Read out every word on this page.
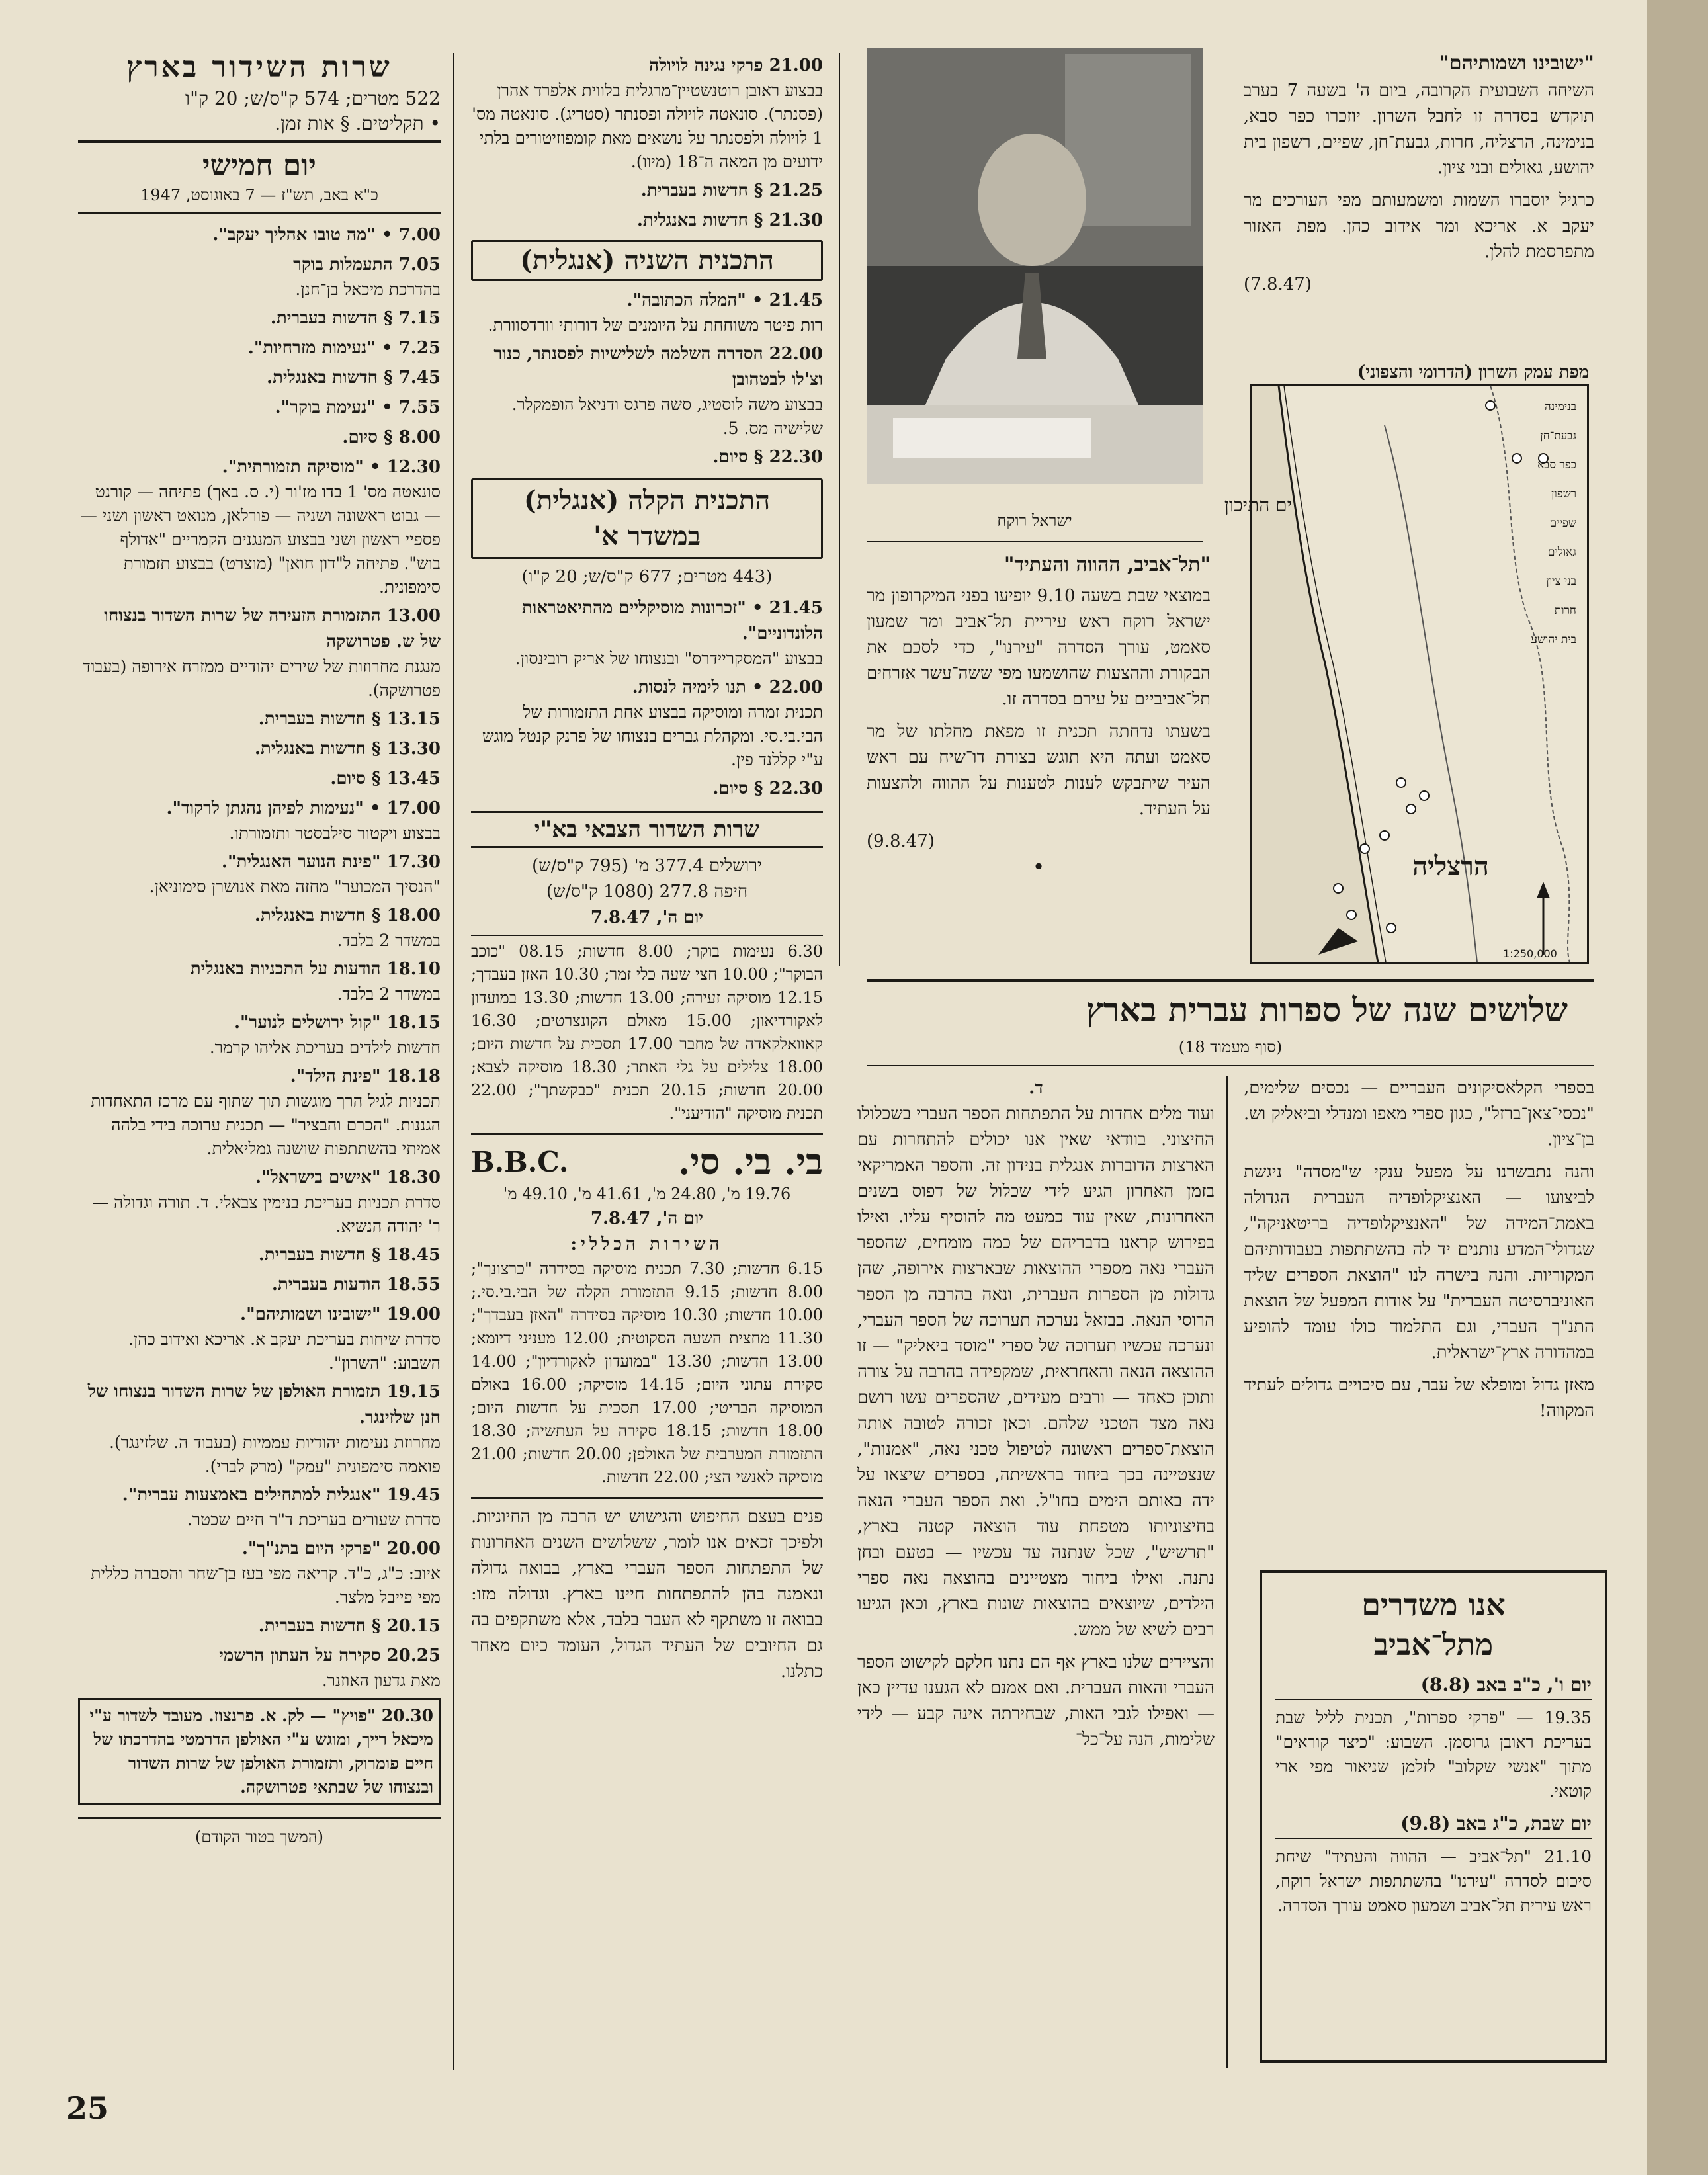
שרות השידור בארץ
522 מטרים; 574 ק"ס/ש; 20 ק"ו
• תקליטים. § אות זמן.
יום חמישי
כ"א באב, תש"ז — 7 באוגוסט, 1947
7.00 • "מה טובו אהליך יעקב".
7.05 התעמלות בוקר
בהדרכת מיכאל בן־חנן.
7.15 § חדשות בעברית.
7.25 • "נעימות מזרחיות".
7.45 § חדשות באנגלית.
7.55 • "נעימת בוקר".
8.00 § סיום.
12.30 • "מוסיקה תזמורתית".
סונאטה מס' 1 בדו מז'ור (י. ס. באך) פתיחה — קורנט — גבוט ראשונה ושניה — פורלאן, מנואט ראשון ושני — פספיי ראשון ושני בבצוע המנגנים הקמריים "אדולף בוש". פתיחה ל"דון חואן" (מוצרט) בבצוע תזמורת סימפונית.
13.00 התזמורת הזעירה של שרות השדור בנצוחו של ש. פטרושקה
מנגנת מחרוזות של שירים יהודיים ממזרח אירופה (בעבוד פטרושקה).
13.15 § חדשות בעברית.
13.30 § חדשות באנגלית.
13.45 § סיום.
17.00 • "נעימות לפיהן נהגתן לרקוד".
בבצוע ויקטור סילבסטר ותזמורתו.
17.30 "פינת הנוער האנגלית".
"הנסיך המכוער" מחזה מאת אנושרן סימוניאן.
18.00 § חדשות באנגלית.
במשדר 2 בלבד.
18.10 הודעות על התכניות באנגלית
במשדר 2 בלבד.
18.15 "קול ירושלים לנוער".
חדשות לילדים בעריכת אליהו קרמר.
18.18 "פינת הילד".
תכניות לגיל הרך מוגשות תוך שתוף עם מרכז התאחדות הגננות. "הכרם והבציר" — תכנית ערוכה בידי בלהה אמיתי בהשתתפות שושנה גמליאלית.
18.30 "אישים בישראל".
סדרת תכניות בעריכת בנימין צבאלי. ד. תורה וגדולה — ר' יהודה הנשיא.
18.45 § חדשות בעברית.
18.55 הודעות בעברית.
19.00 "ישובינו ושמותיהם".
סדרת שיחות בעריכת יעקב א. אריכא ואידוב כהן. השבוע: "השרון".
19.15 תזמורת האולפן של שרות השדור בנצוחו של חנן שלזינגר.
מחרוזת נעימות יהודיות עממיות (בעבוד ה. שלזינגר). פואמה סימפונית "עמק" (מרק לברי).
19.45 "אנגלית למתחילים באמצעות עברית".
סדרת שעורים בעריכת ד"ר חיים שכטר.
20.00 "פרקי היום בתנ"ך".
איוב: כ"ג, כ"ד. קריאה מפי בעז בן־שחר והסברה כללית מפי פייבל מלצר.
20.15 § חדשות בעברית.
20.25 סקירה על העתון הרשמי
מאת גדעון האוזנר.
20.30 "פויץ" — לק. א. פרנצוז. מעובד לשדור ע"י מיכאל רייך, ומוגש ע"י האולפן הדרמטי בהדרכתו של חיים פומרוק, ותזמורת האולפן של שרות השדור ובנצוחו של שבתאי פטרושקה.
(המשך בטור הקודם)
25
21.00 פרקי נגינה לויולה
בבצוע ראובן רוטנשטיין־מרגלית בלווית אלפרד אהרן (פסנתר). סונאטה לויולה ופסנתר (סטריג). סונאטה מס' 1 לויולה ולפסנתר על נושאים מאת קומפוזיטורים בלתי ידועים מן המאה ה־18 (מיוו).
21.25 § חדשות בעברית.
21.30 § חדשות באנגלית.
התכנית השניה (אנגלית)
21.45 • "המלה הכתובה".
רות פיטר משוחחת על היומנים של דורותי וורדסוורת.
22.00 הסדרה השלמה לשלישיות לפסנתר, כנור וצ'לו לבטהובן
בבצוע משה לוסטיג, סשה פרגס ודניאל הופמקלר. שלישיה מס. 5.
22.30 § סיום.
התכנית הקלה (אנגלית)
במשדר א'
(443 מטרים; 677 ק"ס/ש; 20 ק"ו)
21.45 • "זכרונות מוסיקליים מהתיאטראות הלונדוניים".
בבצוע "המסקריידרס" ובנצוחו של אריק רובינסון.
22.00 • תנו לימיה לנסות.
תכנית זמרה ומוסיקה בבצוע אחת התזמורות של הבי.בי.סי. ומקהלת גברים בנצוחו של פרנק קנטל מוגש ע"י קללנד פין.
22.30 § סיום.
שרות השדור הצבאי בא"י
ירושלים 377.4 מ' (795 ק"ס/ש)
חיפה 277.8 (1080 ק"ס/ש)
יום ה', 7.8.47
6.30 נעימות בוקר; 8.00 חדשות; 08.15 "כוכב הבוקר"; 10.00 חצי שעה כלי זמר; 10.30 האזן בעבדך; 12.15 מוסיקה זעירה; 13.00 חדשות; 13.30 במועדון לאקורדיאון; 15.00 מאולם הקונצרטים; 16.30 קאוואלקאדה של מחבר 17.00 תסכית על חדשות היום; 18.00 צלילים על גלי האתר; 18.30 מוסיקה לצבא; 20.00 חדשות; 20.15 תכנית "כבקשתך"; 22.00 תכנית מוסיקה "הודיעני".
בי. בי. סי.
B.B.C.
19.76 מ', 24.80 מ', 41.61 מ', 49.10 מ'
יום ה', 7.8.47
השירות הכללי:
6.15 חדשות; 7.30 תכנית מוסיקה בסידרה "כרצונך"; 8.00 חדשות; 9.15 התזמורת הקלה של הבי.בי.סי.; 10.00 חדשות; 10.30 מוסיקה בסידרה "האזן בעבדך"; 11.30 מחצית השעה הסקוטית; 12.00 מעניני דיומא; 13.00 חדשות; 13.30 "במועדון לאקורדיון"; 14.00 סקירת עתוני היום; 14.15 מוסיקה; 16.00 באולם המוסיקה הבריטי; 17.00 תסכית על חדשות היום; 18.00 חדשות; 18.15 סקירה על העתשיה; 18.30 התזמורת המערבית של האולפן; 20.00 חדשות; 21.00 מוסיקה לאנשי הצי; 22.00 חדשות.
פנים בעצם החיפוש והגישוש יש הרבה מן החיוניות. ולפיכך זכאים אנו לומר, ששלושים השנים האחרונות של התפתחות הספר העברי בארץ, בבואה גדולה ונאמנה בהן להתפתחות חיינו בארץ. וגדולה מזו: בבואה זו משתקף לא העבר בלבד, אלא משתקפים בה גם החיובים של העתיד הגדול, העומד כיום מאחר כתלנו.
ישראל רוקח
"תל־אביב, ההווה והעתיד"

במוצאי שבת בשעה 9.10 יופיעו בפני המיקרופון מר ישראל רוקח ראש עיריית תל־אביב ומר שמעון סאמט, עורך הסדרה "עירנו", כדי לסכם את הבקורת וההצעות שהושמעו מפי ששה־עשר אזרחים תל־אביביים על עירם בסדרה זו.

בשעתו נדחתה תכנית זו מפאת מחלתו של מר סאמט ועתה היא תוגש בצורת דו־שיח עם ראש העיר שיתבקש לענות לטענות על ההווה ולהצעות על העתיד.

(9.8.47)
•
"ישובינו ושמותיהם"

השיחה השבועית הקרובה, ביום ה' בשעה 7 בערב תוקדש בסדרה זו לחבל השרון. יוזכרו כפר סבא, בנימינה, הרצליה, חרות, גבעת־חן, שפיים, רשפון בית יהושע, גאולים ובני ציון.

כרגיל יוסברו השמות ומשמעותם מפי העורכים מר יעקב א. אריכא ומר אידוב כהן. מפת האזור מתפרסמת להלן.

(7.8.47)
מפת עמק השרון (הדרומי והצפוני)
ים התיכון
הרצליה
1:250,000
בנימינה
גבעת־חן
כפר סבא
רשפון
שפיים
גאולים
בני ציון
חרות
בית יהושע
שלושים שנה של ספרות עברית בארץ
(סוף מעמוד 18)

בספרי הקלאסיקונים העבריים — נכסים שלימים, "נכסי־צאן־ברזל", כגון ספרי מאפו ומנדלי וביאליק וש. בן־ציון.

והנה נתבשרנו על מפעל ענקי ש"מסדה" ניגשת לביצועו — האנציקלופדיה העברית הגדולה באמת־המידה של "האנציקלופדיה בריטאניקה", שגדולי־המדע נותנים יד לה בהשתתפות בעבודותיהם המקוריות. והנה בישרה לנו "הוצאת הספרים שליד האוניברסיטה העברית" על אודות המפעל של הוצאת התנ"ך העברי, וגם התלמוד כולו עומד להופיע במהדורה ארץ־ישראלית.

מאזן גדול ומופלא של עבר, עם סיכויים גדולים לעתיד המקווה!

אנו משדרים
מתל־אביב
יום ו', כ"ב באב (8.8)

19.35 — "פרקי ספרות", תכנית לליל שבת בעריכת ראובן גרוסמן. השבוע: "כיצד קוראים" מתוך "אנשי שקלוב" לזלמן שניאור מפי ארי קוטאי.

יום שבת, כ"ג באב (9.8)

21.10 "תל־אביב — ההווה והעתיד" שיחת סיכום לסדרה "עירנו" בהשתתפות ישראל רוקח, ראש עירית תל־אביב ושמעון סאמט עורך הסדרה.

ד.

ועוד מלים אחדות על התפתחות הספר העברי בשכלולו החיצוני. בוודאי שאין אנו יכולים להתחרות עם הארצות הדוברות אנגלית בנידון זה. והספר האמריקאי בזמן האחרון הגיע לידי שכלול של דפוס בשנים האחרונות, שאין עוד כמעט מה להוסיף עליו. ואילו בפירוש קראנו בדבריהם של כמה מומחים, שהספר העברי נאה מספרי ההוצאות שבארצות אירופה, שהן גדולות מן הספרות העברית, ונאה בהרבה מן הספר הרוסי הנאה. בבזאל נערכה תערוכה של הספר העברי, ונערכה עכשיו תערוכה של ספרי "מוסד ביאליק" — זו ההוצאה הנאה והאחראית, שמקפידה בהרבה על צורה ותוכן כאחד — ורבים מעידים, שהספרים עשו רושם נאה מצד הטכני שלהם. וכאן זכורה לטובה אותה הוצאת־ספרים ראשונה לטיפול טכני נאה, "אמנות", שנצטיינה בכך ביחוד בראשיתה, בספרים שיצאו על ידה באותם הימים בחו"ל. ואת הספר העברי הנאה בחיצוניותו מטפחת עוד הוצאה קטנה בארץ, "תרשיש", שכל שנתנה עד עכשיו — בטעם ובחן נתנה. ואילו ביחוד מצטיינים בהוצאה נאה ספרי הילדים, שיוצאים בהוצאות שונות בארץ, וכאן הגיעו רבים לשיא של ממש.

והציירים שלנו בארץ אף הם נתנו חלקם לקישוט הספר העברי והאות העברית. ואם אמנם לא הגענו עדיין כאן — ואפילו לגבי האות, שבחירתה אינה קבע — לידי שלימות, הנה על־כל־
